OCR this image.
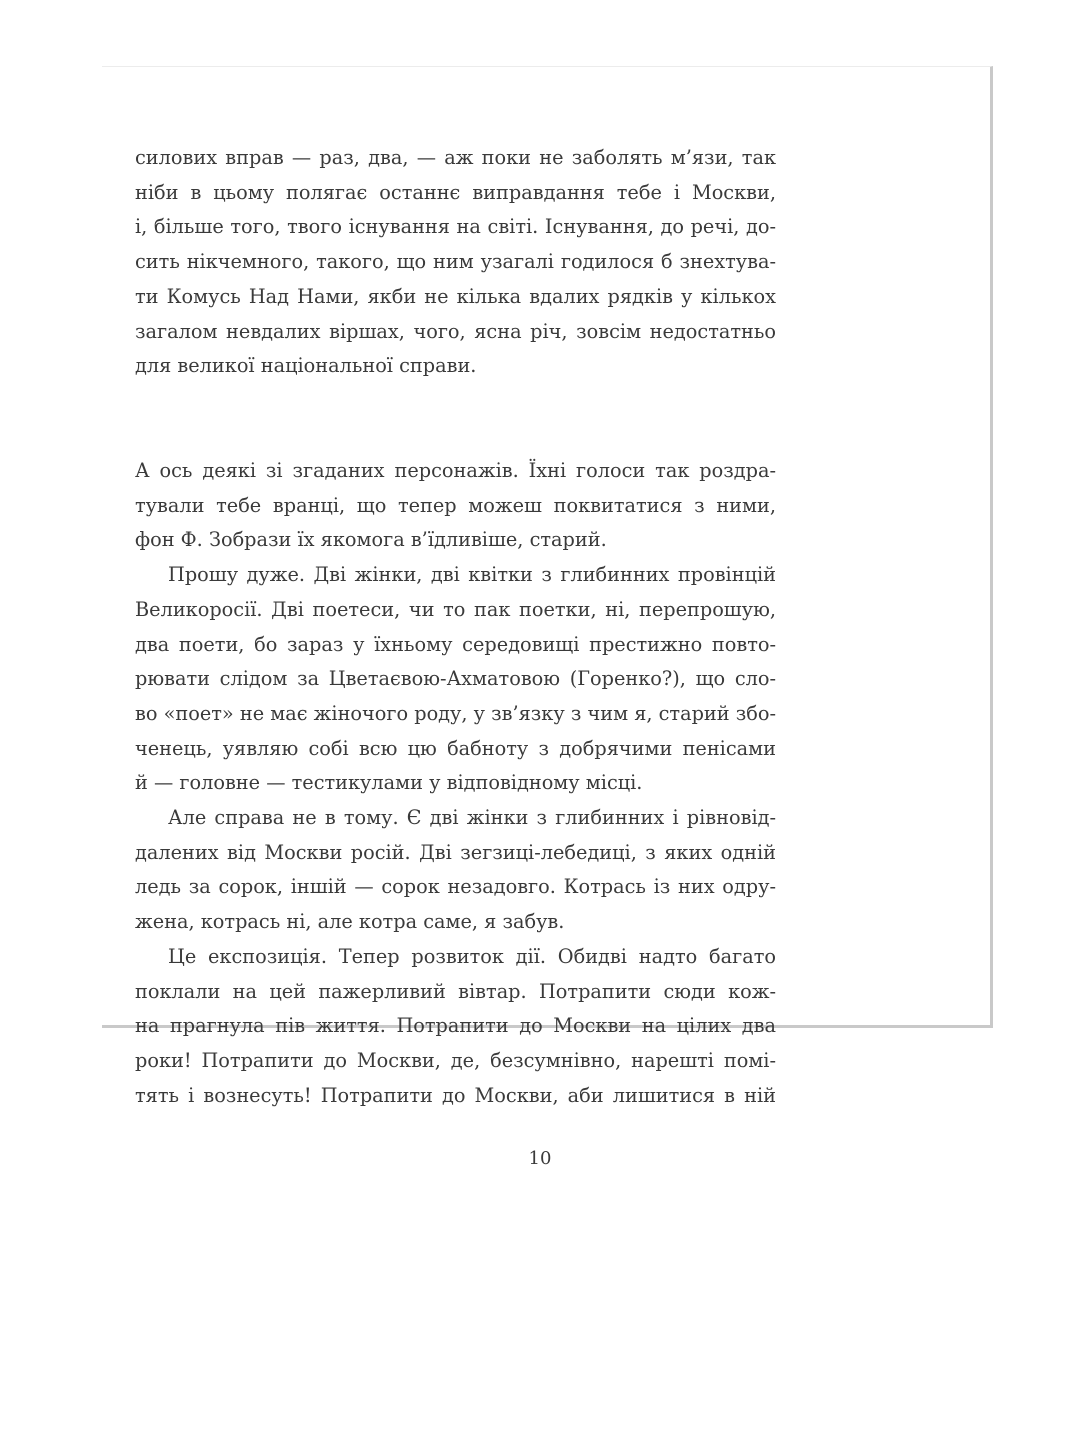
силових вправ — раз, два, — аж поки не заболять м’язи, так
ніби в цьому полягає останнє виправдання тебе і Москви,
і, більше того, твого існування на світі. Існування, до речі, до-
сить нікчемного, такого, що ним узагалі годилося б знехтува-
ти Комусь Над Нами, якби не кілька вдалих рядків у кількох
загалом невдалих віршах, чого, ясна річ, зовсім недостатньо
для великої національної справи.
А ось деякі зі згаданих персонажів. Їхні голоси так роздра-
тували тебе вранці, що тепер можеш поквитатися з ними,
фон Ф. Зобрази їх якомога в’їдливіше, старий.
Прошу дуже. Дві жінки, дві квітки з глибинних провінцій
Великоросії. Дві поетеси, чи то пак поетки, ні, перепрошую,
два поети, бо зараз у їхньому середовищі престижно повто-
рювати слідом за Цветаєвою-Ахматовою (Горенко?), що сло-
во «поет» не має жіночого роду, у зв’язку з чим я, старий збо-
ченець, уявляю собі всю цю бабноту з добрячими пенісами
й — головне — тестикулами у відповідному місці.
Але справа не в тому. Є дві жінки з глибинних і рівновід-
далених від Москви росій. Дві зегзиці-лебедиці, з яких одній
ледь за сорок, іншій — сорок незадовго. Котрась із них одру-
жена, котрась ні, але котра саме, я забув.
Це експозиція. Тепер розвиток дії. Обидві надто багато
поклали на цей пажерливий вівтар. Потрапити сюди кож-
на прагнула пів життя. Потрапити до Москви на цілих два
роки! Потрапити до Москви, де, безсумнівно, нарешті помі-
тять і вознесуть! Потрапити до Москви, аби лишитися в ній
10
